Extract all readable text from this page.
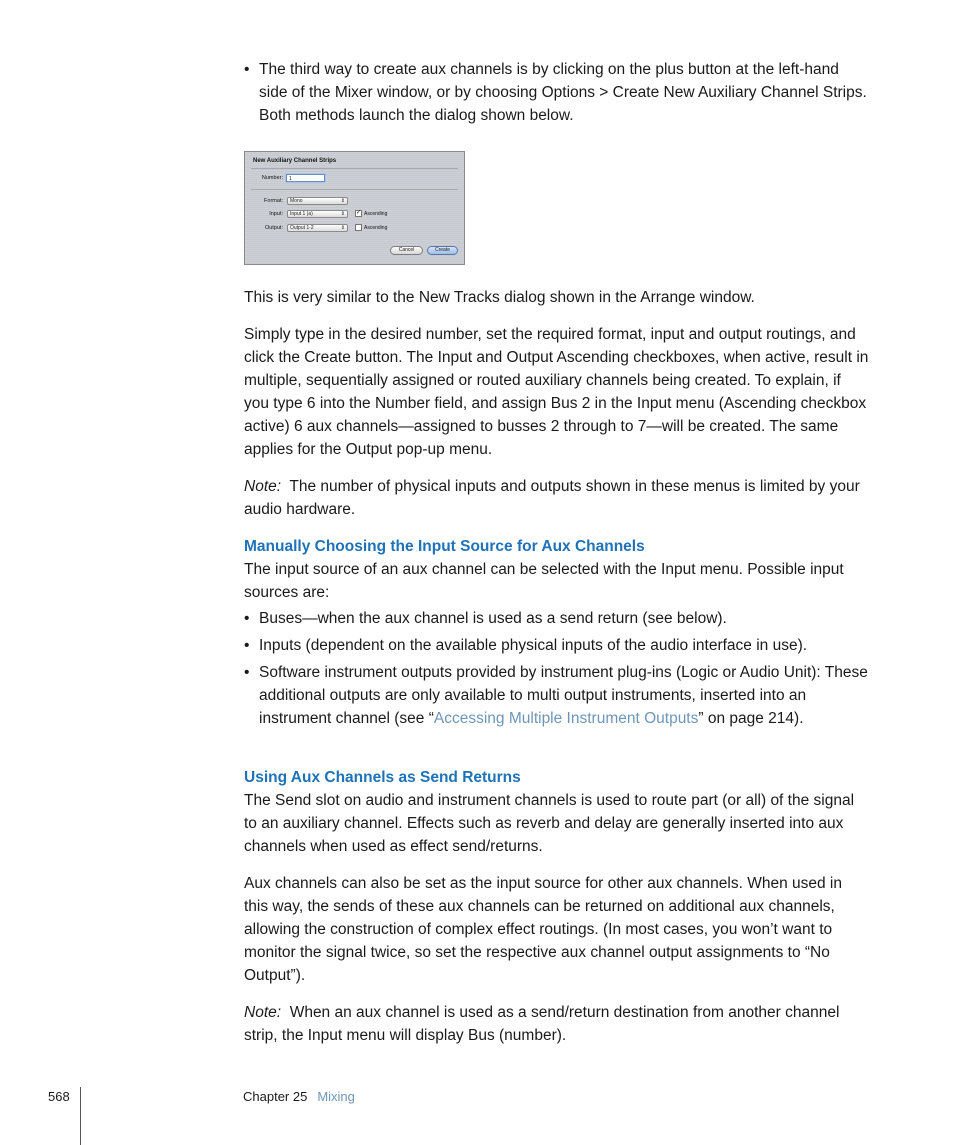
• The third way to create aux channels is by clicking on the plus button at the left-hand side of the Mixer window, or by choosing Options > Create New Auxiliary Channel Strips. Both methods launch the dialog shown below.

New Auxiliary Channel Strips
Number:	1
Format:	Mono	⇕
Input:	Input 1 (a)	⇕ ✓ Ascending
Output:	Output 1-2	⇕	Ascending
Cancel	Create

This is very similar to the New Tracks dialog shown in the Arrange window.

Simply type in the desired number, set the required format, input and output routings, and click the Create button. The Input and Output Ascending checkboxes, when active, result in multiple, sequentially assigned or routed auxiliary channels being created. To explain, if you type 6 into the Number field, and assign Bus 2 in the Input menu (Ascending checkbox active) 6 aux channels—assigned to busses 2 through to 7—will be created. The same applies for the Output pop-up menu.

Note: The number of physical inputs and outputs shown in these menus is limited by your audio hardware.

Manually Choosing the Input Source for Aux Channels

The input source of an aux channel can be selected with the Input menu. Possible input sources are:

• Buses—when the aux channel is used as a send return (see below).

• Inputs (dependent on the available physical inputs of the audio interface in use).

• Software instrument outputs provided by instrument plug-ins (Logic or Audio Unit): These additional outputs are only available to multi output instruments, inserted into an instrument channel (see “Accessing Multiple Instrument Outputs” on page 214).

Using Aux Channels as Send Returns

The Send slot on audio and instrument channels is used to route part (or all) of the signal to an auxiliary channel. Effects such as reverb and delay are generally inserted into aux channels when used as effect send/returns.

Aux channels can also be set as the input source for other aux channels. When used in this way, the sends of these aux channels can be returned on additional aux channels, allowing the construction of complex effect routings. (In most cases, you won’t want to monitor the signal twice, so set the respective aux channel output assignments to “No Output”).

Note: When an aux channel is used as a send/return destination from another channel strip, the Input menu will display Bus (number).

568	Chapter 25 Mixing
